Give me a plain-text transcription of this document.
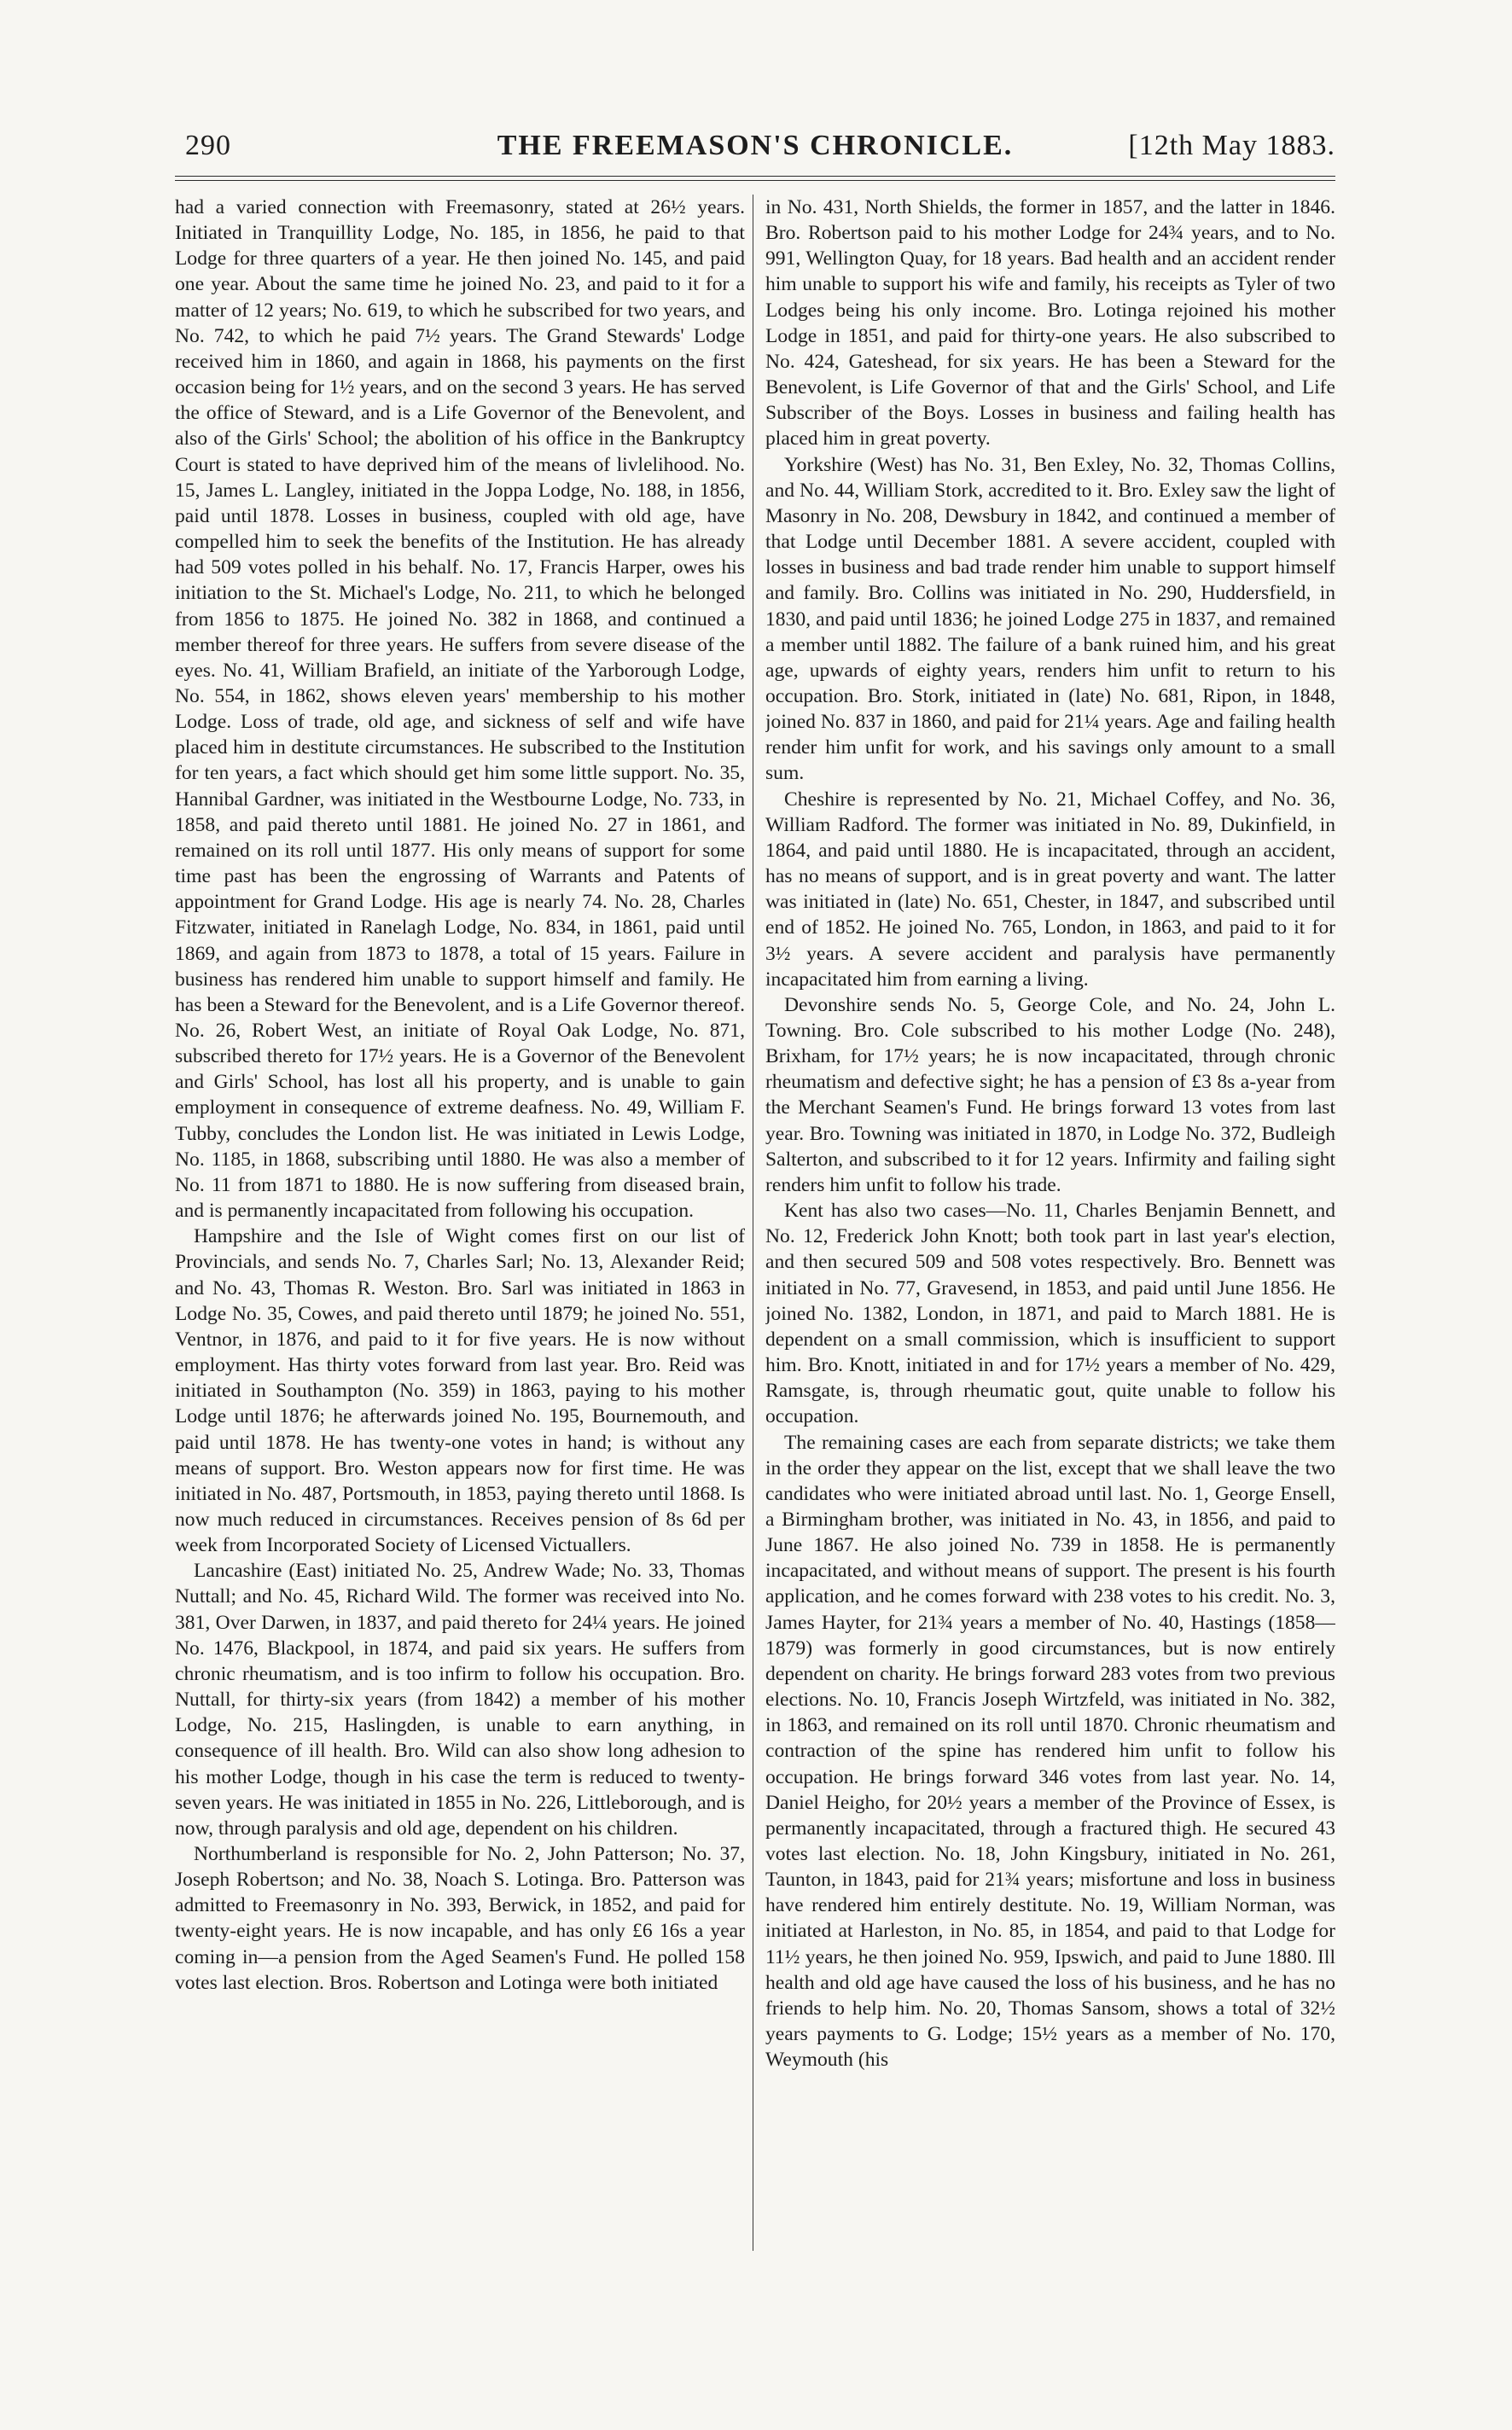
290	THE FREEMASON'S CHRONICLE.	[12th May 1883.

had a varied connection with Freemasonry, stated at 26½ years. Initiated in Tranquillity Lodge, No. 185, in 1856, he paid to that Lodge for three quarters of a year. He then joined No. 145, and paid one year. About the same time he joined No. 23, and paid to it for a matter of 12 years; No. 619, to which he subscribed for two years, and No. 742, to which he paid 7½ years. The Grand Stewards' Lodge received him in 1860, and again in 1868, his payments on the first occasion being for 1½ years, and on the second 3 years. He has served the office of Steward, and is a Life Governor of the Benevolent, and also of the Girls' School; the abolition of his office in the Bankruptcy Court is stated to have deprived him of the means of livlelihood. No. 15, James L. Langley, initiated in the Joppa Lodge, No. 188, in 1856, paid until 1878. Losses in business, coupled with old age, have compelled him to seek the benefits of the Institution. He has already had 509 votes polled in his behalf. No. 17, Francis Harper, owes his initiation to the St. Michael's Lodge, No. 211, to which he belonged from 1856 to 1875. He joined No. 382 in 1868, and continued a member thereof for three years. He suffers from severe disease of the eyes. No. 41, William Brafield, an initiate of the Yarborough Lodge, No. 554, in 1862, shows eleven years' membership to his mother Lodge. Loss of trade, old age, and sickness of self and wife have placed him in destitute circumstances. He subscribed to the Institution for ten years, a fact which should get him some little support. No. 35, Hannibal Gardner, was initiated in the Westbourne Lodge, No. 733, in 1858, and paid thereto until 1881. He joined No. 27 in 1861, and remained on its roll until 1877. His only means of support for some time past has been the engrossing of Warrants and Patents of appointment for Grand Lodge. His age is nearly 74. No. 28, Charles Fitzwater, initiated in Ranelagh Lodge, No. 834, in 1861, paid until 1869, and again from 1873 to 1878, a total of 15 years. Failure in business has rendered him unable to support himself and family. He has been a Steward for the Benevolent, and is a Life Governor thereof. No. 26, Robert West, an initiate of Royal Oak Lodge, No. 871, subscribed thereto for 17½ years. He is a Governor of the Benevolent and Girls' School, has lost all his property, and is unable to gain employment in consequence of extreme deafness. No. 49, William F. Tubby, concludes the London list. He was initiated in Lewis Lodge, No. 1185, in 1868, subscribing until 1880. He was also a member of No. 11 from 1871 to 1880. He is now suffering from diseased brain, and is permanently incapacitated from following his occupation.

Hampshire and the Isle of Wight comes first on our list of Provincials, and sends No. 7, Charles Sarl; No. 13, Alexander Reid; and No. 43, Thomas R. Weston. Bro. Sarl was initiated in 1863 in Lodge No. 35, Cowes, and paid thereto until 1879; he joined No. 551, Ventnor, in 1876, and paid to it for five years. He is now without employment. Has thirty votes forward from last year. Bro. Reid was initiated in Southampton (No. 359) in 1863, paying to his mother Lodge until 1876; he afterwards joined No. 195, Bournemouth, and paid until 1878. He has twenty-one votes in hand; is without any means of support. Bro. Weston appears now for first time. He was initiated in No. 487, Portsmouth, in 1853, paying thereto until 1868. Is now much reduced in circumstances. Receives pension of 8s 6d per week from Incorporated Society of Licensed Victuallers.

Lancashire (East) initiated No. 25, Andrew Wade; No. 33, Thomas Nuttall; and No. 45, Richard Wild. The former was received into No. 381, Over Darwen, in 1837, and paid thereto for 24¼ years. He joined No. 1476, Blackpool, in 1874, and paid six years. He suffers from chronic rheumatism, and is too infirm to follow his occupation. Bro. Nuttall, for thirty-six years (from 1842) a member of his mother Lodge, No. 215, Haslingden, is unable to earn anything, in consequence of ill health. Bro. Wild can also show long adhesion to his mother Lodge, though in his case the term is reduced to twenty-seven years. He was initiated in 1855 in No. 226, Littleborough, and is now, through paralysis and old age, dependent on his children.

Northumberland is responsible for No. 2, John Patterson; No. 37, Joseph Robertson; and No. 38, Noach S. Lotinga. Bro. Patterson was admitted to Freemasonry in No. 393, Berwick, in 1852, and paid for twenty-eight years. He is now incapable, and has only £6 16s a year coming in—a pension from the Aged Seamen's Fund. He polled 158 votes last election. Bros. Robertson and Lotinga were both initiated

in No. 431, North Shields, the former in 1857, and the latter in 1846. Bro. Robertson paid to his mother Lodge for 24¾ years, and to No. 991, Wellington Quay, for 18 years. Bad health and an accident render him unable to support his wife and family, his receipts as Tyler of two Lodges being his only income. Bro. Lotinga rejoined his mother Lodge in 1851, and paid for thirty-one years. He also subscribed to No. 424, Gateshead, for six years. He has been a Steward for the Benevolent, is Life Governor of that and the Girls' School, and Life Subscriber of the Boys. Losses in business and failing health has placed him in great poverty.

Yorkshire (West) has No. 31, Ben Exley, No. 32, Thomas Collins, and No. 44, William Stork, accredited to it. Bro. Exley saw the light of Masonry in No. 208, Dewsbury in 1842, and continued a member of that Lodge until December 1881. A severe accident, coupled with losses in business and bad trade render him unable to support himself and family. Bro. Collins was initiated in No. 290, Huddersfield, in 1830, and paid until 1836; he joined Lodge 275 in 1837, and remained a member until 1882. The failure of a bank ruined him, and his great age, upwards of eighty years, renders him unfit to return to his occupation. Bro. Stork, initiated in (late) No. 681, Ripon, in 1848, joined No. 837 in 1860, and paid for 21¼ years. Age and failing health render him unfit for work, and his savings only amount to a small sum.

Cheshire is represented by No. 21, Michael Coffey, and No. 36, William Radford. The former was initiated in No. 89, Dukinfield, in 1864, and paid until 1880. He is incapacitated, through an accident, has no means of support, and is in great poverty and want. The latter was initiated in (late) No. 651, Chester, in 1847, and subscribed until end of 1852. He joined No. 765, London, in 1863, and paid to it for 3½ years. A severe accident and paralysis have permanently incapacitated him from earning a living.

Devonshire sends No. 5, George Cole, and No. 24, John L. Towning. Bro. Cole subscribed to his mother Lodge (No. 248), Brixham, for 17½ years; he is now incapacitated, through chronic rheumatism and defective sight; he has a pension of £3 8s a-year from the Merchant Seamen's Fund. He brings forward 13 votes from last year. Bro. Towning was initiated in 1870, in Lodge No. 372, Budleigh Salterton, and subscribed to it for 12 years. Infirmity and failing sight renders him unfit to follow his trade.

Kent has also two cases—No. 11, Charles Benjamin Bennett, and No. 12, Frederick John Knott; both took part in last year's election, and then secured 509 and 508 votes respectively. Bro. Bennett was initiated in No. 77, Gravesend, in 1853, and paid until June 1856. He joined No. 1382, London, in 1871, and paid to March 1881. He is dependent on a small commission, which is insufficient to support him. Bro. Knott, initiated in and for 17½ years a member of No. 429, Ramsgate, is, through rheumatic gout, quite unable to follow his occupation.

The remaining cases are each from separate districts; we take them in the order they appear on the list, except that we shall leave the two candidates who were initiated abroad until last. No. 1, George Ensell, a Birmingham brother, was initiated in No. 43, in 1856, and paid to June 1867. He also joined No. 739 in 1858. He is permanently incapacitated, and without means of support. The present is his fourth application, and he comes forward with 238 votes to his credit. No. 3, James Hayter, for 21¾ years a member of No. 40, Hastings (1858—1879) was formerly in good circumstances, but is now entirely dependent on charity. He brings forward 283 votes from two previous elections. No. 10, Francis Joseph Wirtzfeld, was initiated in No. 382, in 1863, and remained on its roll until 1870. Chronic rheumatism and contraction of the spine has rendered him unfit to follow his occupation. He brings forward 346 votes from last year. No. 14, Daniel Heigho, for 20½ years a member of the Province of Essex, is permanently incapacitated, through a fractured thigh. He secured 43 votes last election. No. 18, John Kingsbury, initiated in No. 261, Taunton, in 1843, paid for 21¾ years; misfortune and loss in business have rendered him entirely destitute. No. 19, William Norman, was initiated at Harleston, in No. 85, in 1854, and paid to that Lodge for 11½ years, he then joined No. 959, Ipswich, and paid to June 1880. Ill health and old age have caused the loss of his business, and he has no friends to help him. No. 20, Thomas Sansom, shows a total of 32½ years payments to G. Lodge; 15½ years as a member of No. 170, Weymouth (his
